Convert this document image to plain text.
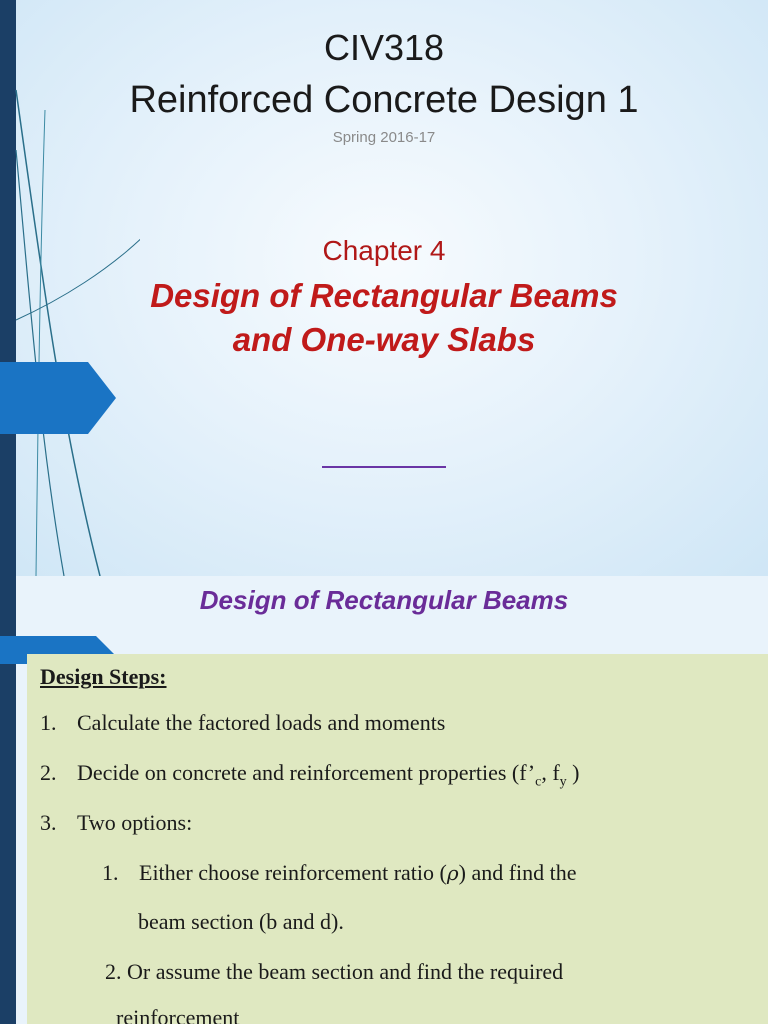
CIV318
Reinforced Concrete Design 1
Spring 2016-17
Chapter 4
Design of Rectangular Beams
and One-way Slabs
Design of Rectangular Beams
Design Steps:
1. Calculate the factored loads and moments
2. Decide on concrete and reinforcement properties ($f’_c$, $f_y$ )
3. Two options:
1. Either choose reinforcement ratio (ρ) and find the
beam section (b and d).
2. Or assume the beam section and find the required
reinforcement
